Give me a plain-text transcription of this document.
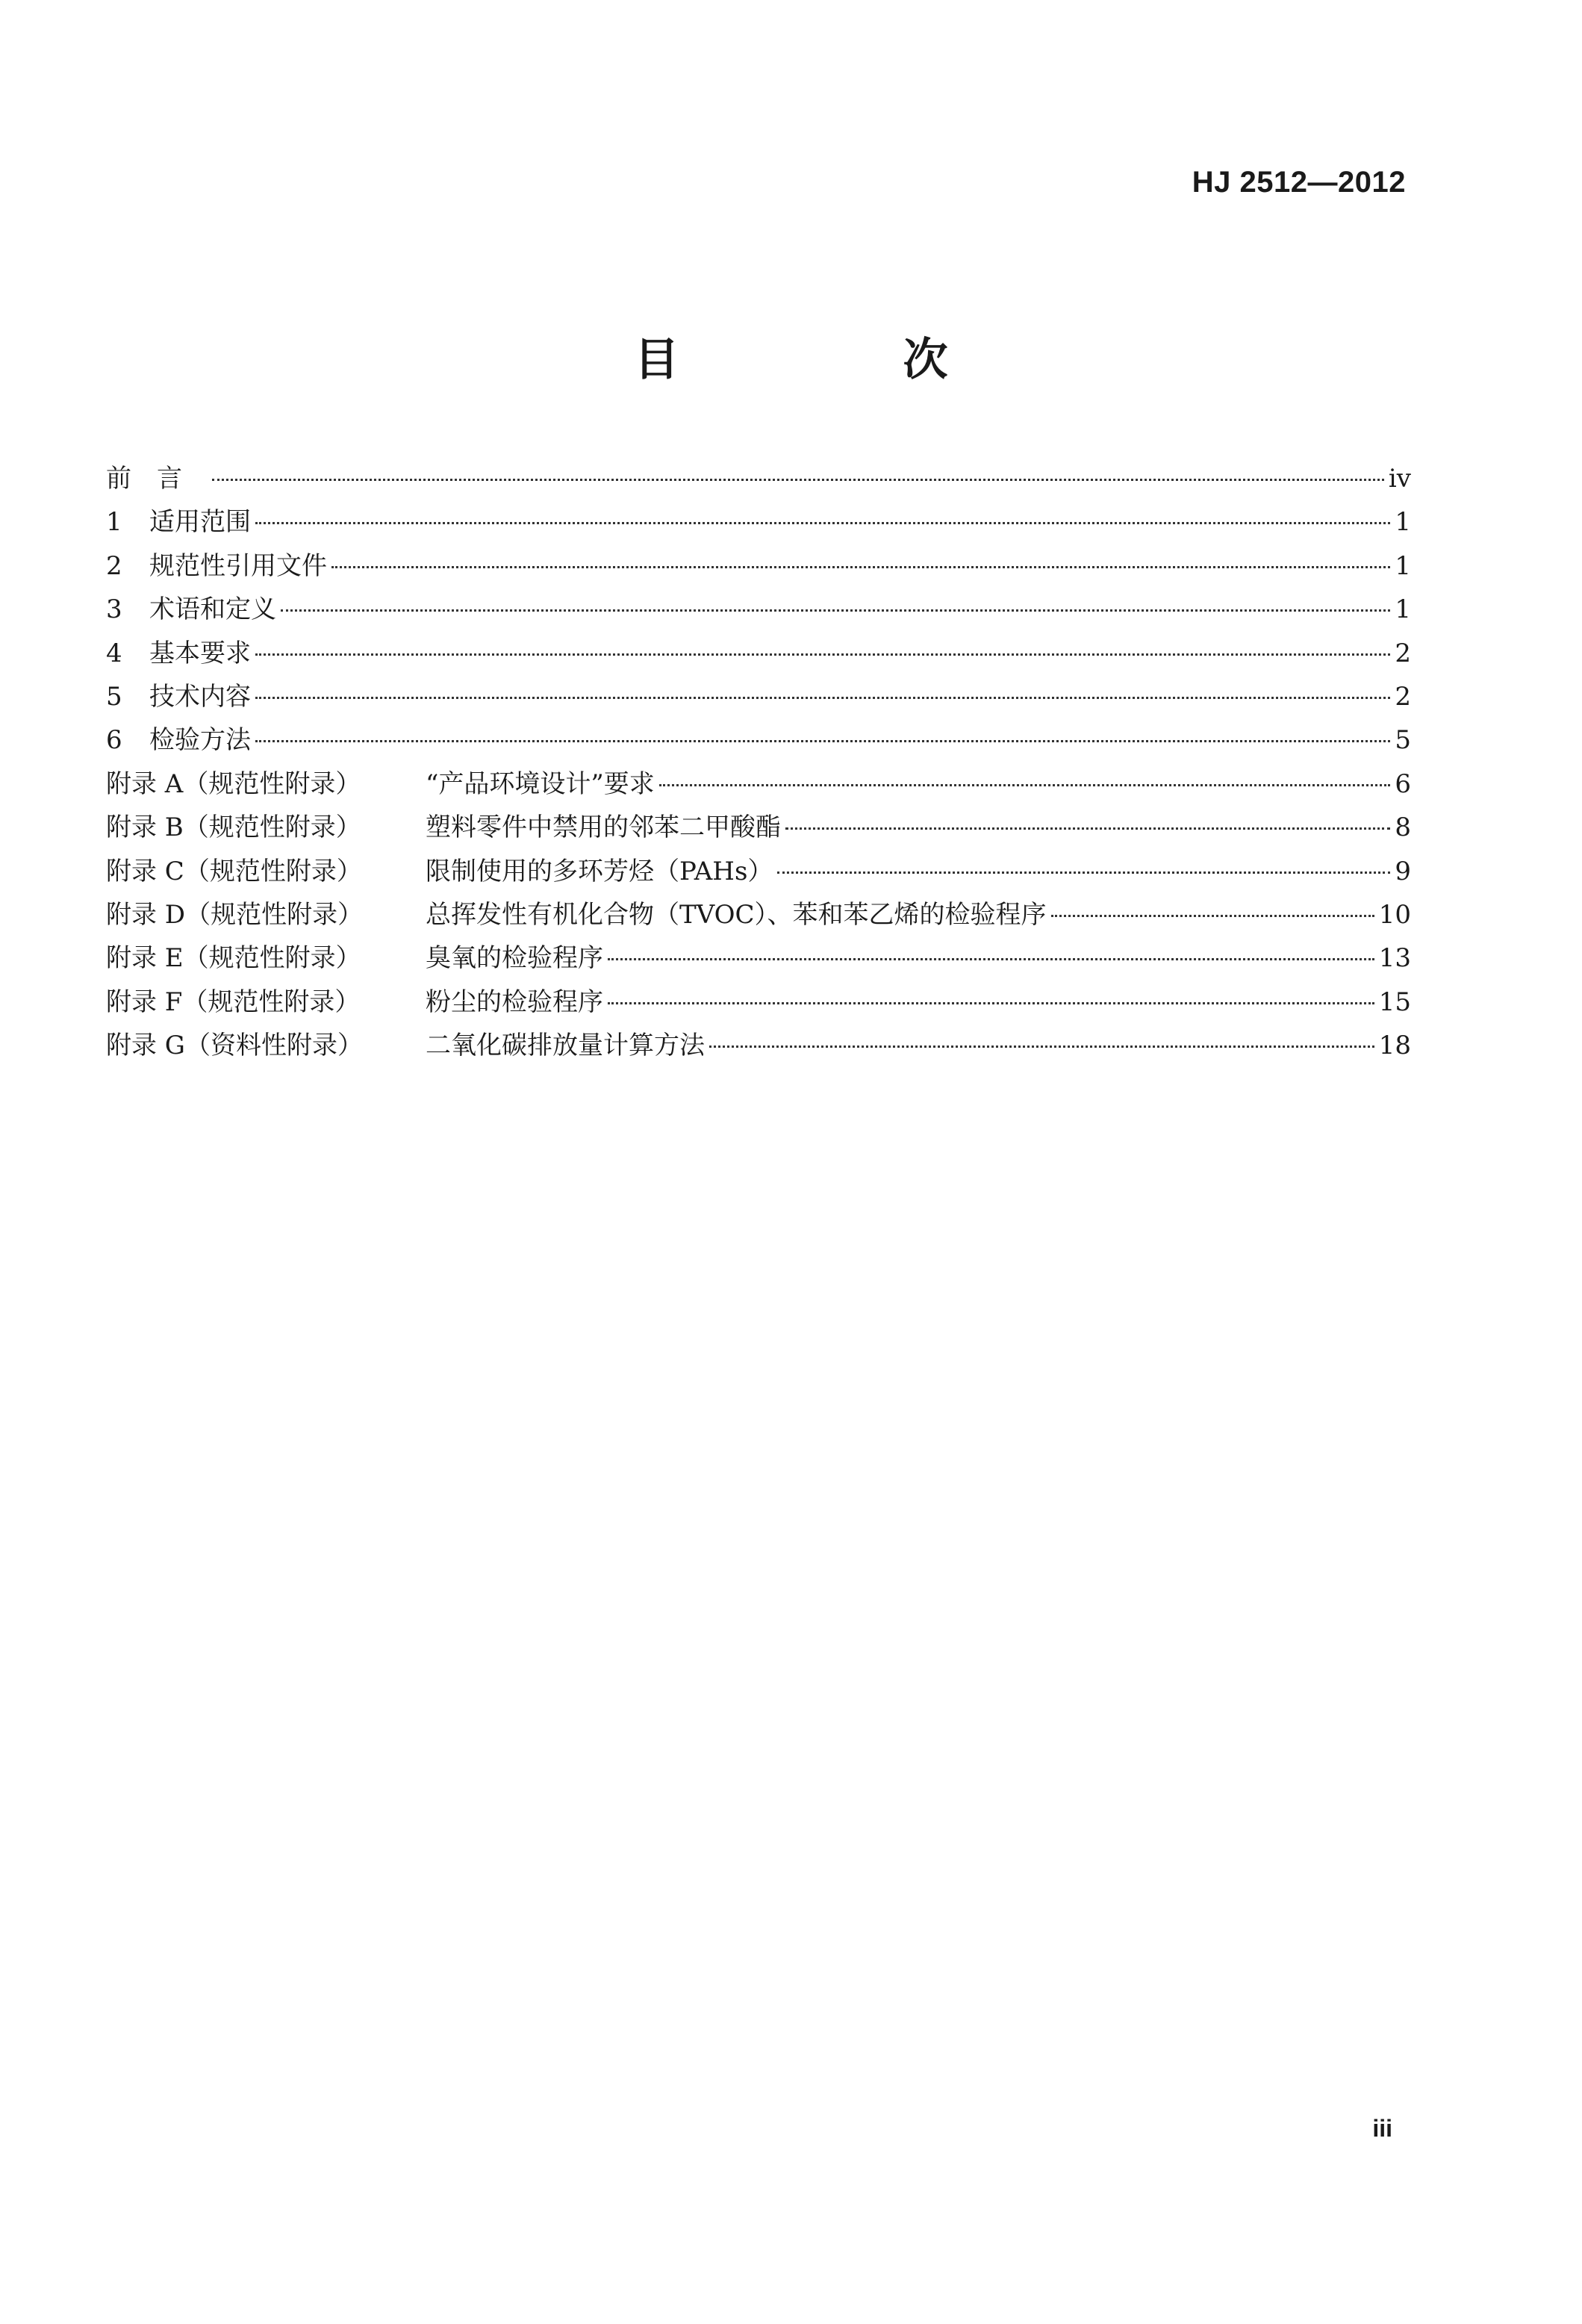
HJ 2512—2012
目　次
前言	iv
1	适用范围	1
2	规范性引用文件	1
3	术语和定义	1
4	基本要求	2
5	技术内容	2
6	检验方法	5
附录 A（规范性附录）	“产品环境设计”要求	6
附录 B（规范性附录）	塑料零件中禁用的邻苯二甲酸酯	8
附录 C（规范性附录）	限制使用的多环芳烃（PAHs）	9
附录 D（规范性附录）	总挥发性有机化合物（TVOC）、苯和苯乙烯的检验程序	10
附录 E（规范性附录）	臭氧的检验程序	13
附录 F（规范性附录）	粉尘的检验程序	15
附录 G（资料性附录）	二氧化碳排放量计算方法	18
iii
